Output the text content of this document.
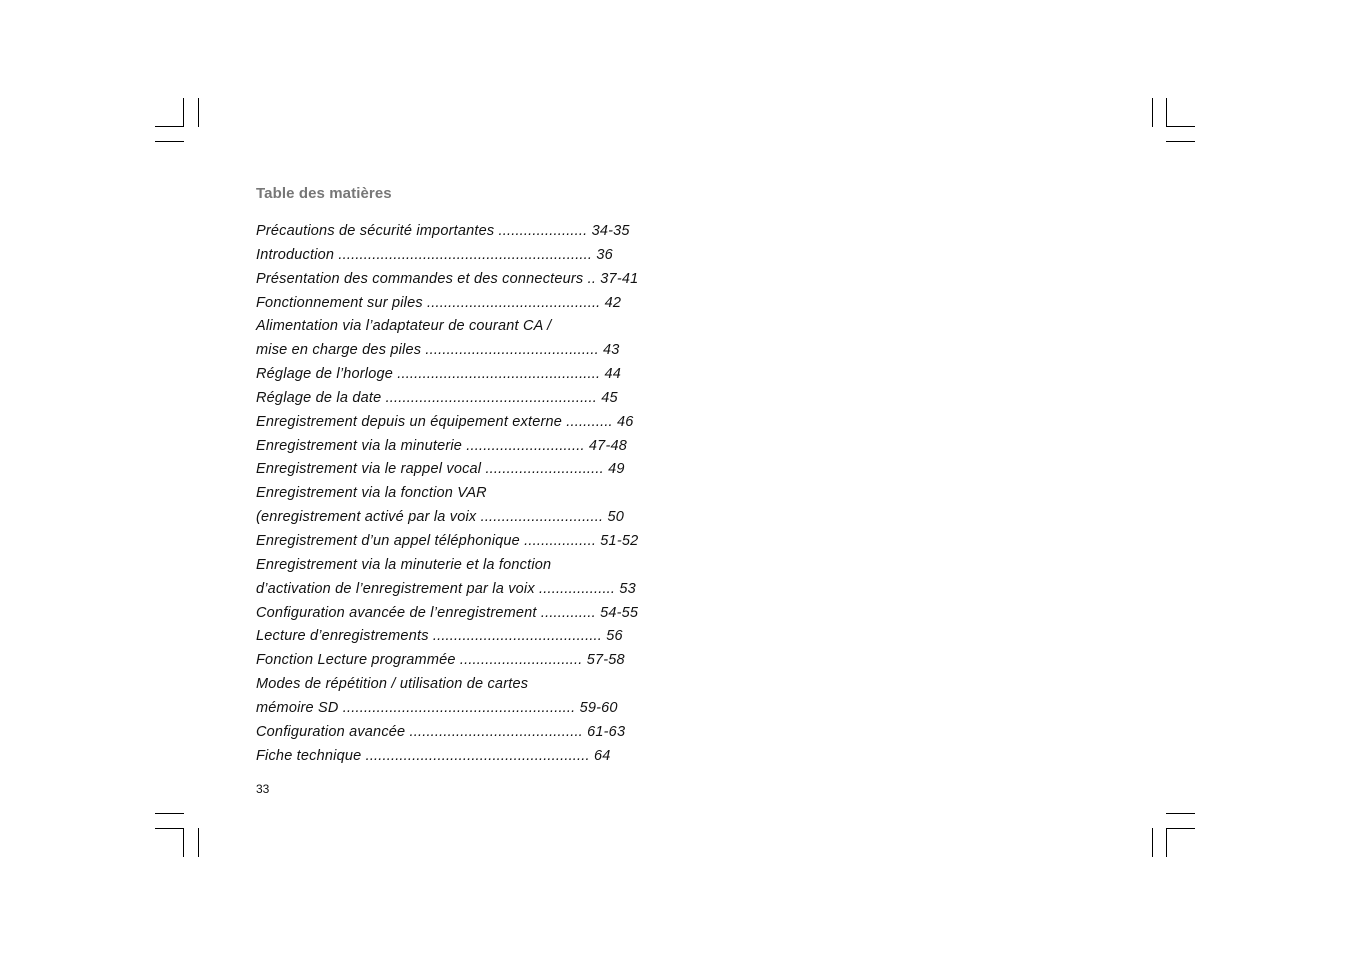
Table des matières
Précautions de sécurité importantes ..................... 34-35
Introduction ............................................................ 36
Présentation des commandes et des connecteurs .. 37-41
Fonctionnement sur piles ......................................... 42
Alimentation via l’adaptateur de courant CA /
mise en charge des piles ......................................... 43
Réglage de l’horloge ................................................ 44
Réglage de la date .................................................. 45
Enregistrement depuis un équipement externe ........... 46
Enregistrement via la minuterie ............................ 47-48
Enregistrement via le rappel vocal ............................ 49
Enregistrement via la fonction VAR
(enregistrement activé par la voix ............................. 50
Enregistrement d’un appel téléphonique ................. 51-52
Enregistrement via la minuterie et la fonction
d’activation de l’enregistrement par la voix .................. 53
Configuration avancée de l’enregistrement ............. 54-55
Lecture d’enregistrements ........................................ 56
Fonction Lecture programmée ............................. 57-58
Modes de répétition / utilisation de cartes
mémoire SD ....................................................... 59-60
Configuration avancée ......................................... 61-63
Fiche technique ..................................................... 64
33
